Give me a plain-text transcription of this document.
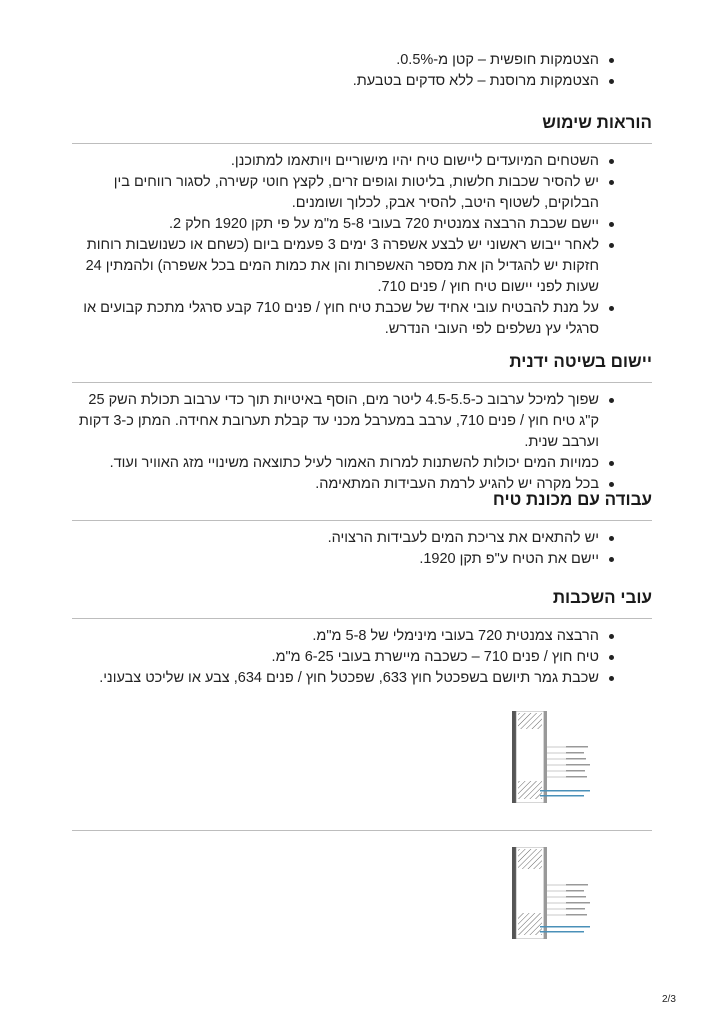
הצטמקות חופשית – קטן מ-0.5%.
הצטמקות מרוסנת – ללא סדקים בטבעת.
הוראות שימוש
השטחים המיועדים ליישום טיח יהיו מישוריים ויותאמו למתוכנן.
יש להסיר שכבות חלשות, בליטות וגופים זרים, לקצץ חוטי קשירה, לסגור רווחים בין הבלוקים, לשטוף היטב, להסיר אבק, לכלוך ושומנים.
יישם שכבת הרבצה צמנטית 720 בעובי 5-8 מ"מ על פי תקן 1920 חלק 2.
לאחר ייבוש ראשוני יש לבצע אשפרה 3 ימים 3 פעמים ביום (כשחם או כשנושבות רוחות חזקות יש להגדיל הן את מספר האשפרות והן את כמות המים בכל אשפרה) ולהמתין 24 שעות לפני יישום טיח חוץ / פנים 710.
על מנת להבטיח עובי אחיד של שכבת טיח חוץ / פנים 710 קבע סרגלי מתכת קבועים או סרגלי עץ נשלפים לפי העובי הנדרש.
יישום בשיטה ידנית
שפוך למיכל ערבוב כ-4.5-5.5 ליטר מים, הוסף באיטיות תוך כדי ערבוב תכולת השק 25 ק"ג טיח חוץ / פנים 710, ערבב במערבל מכני עד קבלת תערובת אחידה. המתן כ-3 דקות וערבב שנית.
כמויות המים יכולות להשתנות למרות האמור לעיל כתוצאה משינויי מזג האוויר ועוד.
בכל מקרה יש להגיע לרמת העבידות המתאימה.
עבודה עם מכונת טיח
יש להתאים את צריכת המים לעבידות הרצויה.
יישם את הטיח ע"פ תקן 1920.
עובי השכבות
הרבצה צמנטית 720 בעובי מינימלי של 5-8 מ"מ.
טיח חוץ / פנים 710 – כשכבה מיישרת בעובי 6-25 מ"מ.
שכבת גמר תיושם בשפכטל חוץ 633, שפכטל חוץ / פנים 634, צבע או שליכט צבעוני.
2/3
